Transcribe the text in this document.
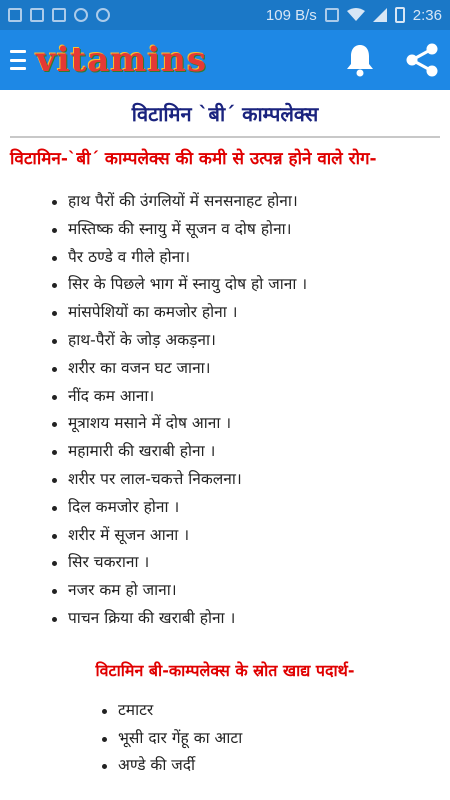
109 B/s	2:36
vitamins
विटामिन `बी´ काम्पलेक्स
विटामिन-`बी´ काम्पलेक्स की कमी से उत्पन्न होने वाले रोग-
हाथ पैरों की उंगलियों में सनसनाहट होना।
मस्तिष्क की स्नायु में सूजन व दोष होना।
पैर ठण्डे व गीले होना।
सिर के पिछले भाग में स्नायु दोष हो जाना ।
मांसपेशियों का कमजोर होना ।
हाथ-पैरों के जोड़ अकड़ना।
शरीर का वजन घट जाना।
नींद कम आना।
मूत्राशय मसाने में दोष आना ।
महामारी की खराबी होना ।
शरीर पर लाल-चकत्ते निकलना।
दिल कमजोर होना ।
शरीर में सूजन आना ।
सिर चकराना ।
नजर कम हो जाना।
पाचन क्रिया की खराबी होना ।
विटामिन बी-काम्पलेक्स के स्रोत खाद्य पदार्थ-
टमाटर
भूसी दार गेंहू का आटा
अण्डे की जर्दी
